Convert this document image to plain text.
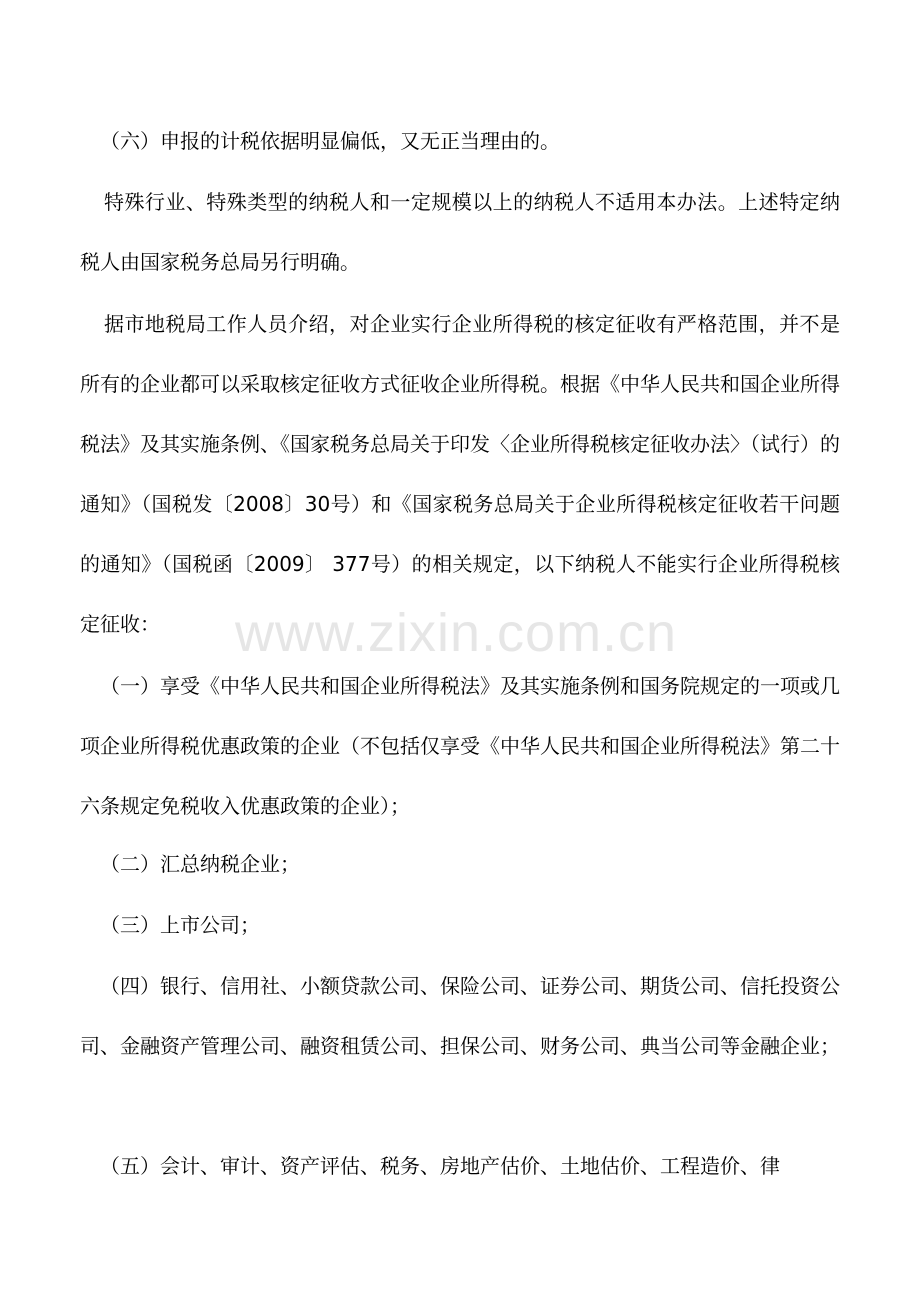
www.zixin.com.cn

（六）申报的计税依据明显偏低，又无正当理由的。

特殊行业、特殊类型的纳税人和一定规模以上的纳税人不适用本办法。上述特定纳税人由国家税务总局另行明确。

据市地税局工作人员介绍，对企业实行企业所得税的核定征收有严格范围，并不是所有的企业都可以采取核定征收方式征收企业所得税。根据《中华人民共和国企业所得税法》及其实施条例、《国家税务总局关于印发〈企业所得税核定征收办法〉（试行）的通知》（国税发〔2008〕30号）和《国家税务总局关于企业所得税核定征收若干问题的通知》（国税函〔2009〕 377号）的相关规定，以下纳税人不能实行企业所得税核定征收：

（一）享受《中华人民共和国企业所得税法》及其实施条例和国务院规定的一项或几项企业所得税优惠政策的企业（不包括仅享受《中华人民共和国企业所得税法》第二十六条规定免税收入优惠政策的企业）；

（二）汇总纳税企业；

（三）上市公司；

（四）银行、信用社、小额贷款公司、保险公司、证券公司、期货公司、信托投资公司、金融资产管理公司、融资租赁公司、担保公司、财务公司、典当公司等金融企业；

（五）会计、审计、资产评估、税务、房地产估价、土地估价、工程造价、律
